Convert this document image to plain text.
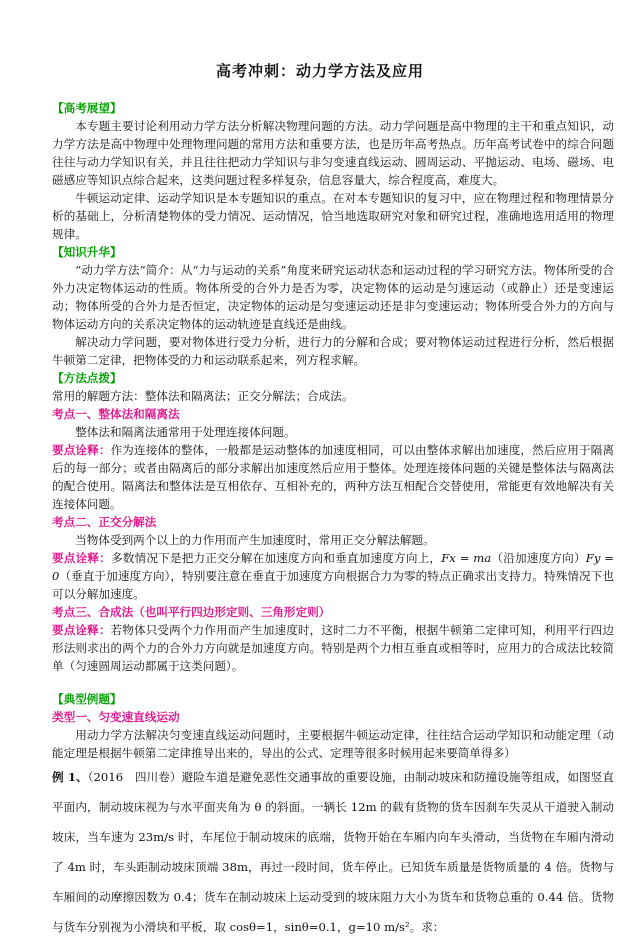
高考冲刺：动力学方法及应用

【高考展望】

本专题主要讨论利用动力学方法分析解决物理问题的方法。动力学问题是高中物理的主干和重点知识，动力学方法是高中物理中处理物理问题的常用方法和重要方法，也是历年高考热点。历年高考试卷中的综合问题往往与动力学知识有关，并且往往把动力学知识与非匀变速直线运动、圆周运动、平抛运动、电场、磁场、电磁感应等知识点综合起来，这类问题过程多样复杂，信息容量大，综合程度高，难度大。

牛顿运动定律、运动学知识是本专题知识的重点。在对本专题知识的复习中，应在物理过程和物理情景分析的基础上，分析清楚物体的受力情况、运动情况，恰当地选取研究对象和研究过程，准确地选用适用的物理规律。

【知识升华】

“动力学方法”简介：从“力与运动的关系”角度来研究运动状态和运动过程的学习研究方法。物体所受的合外力决定物体运动的性质。物体所受的合外力是否为零，决定物体的运动是匀速运动（或静止）还是变速运动；物体所受的合外力是否恒定，决定物体的运动是匀变速运动还是非匀变速运动；物体所受合外力的方向与物体运动方向的关系决定物体的运动轨迹是直线还是曲线。

解决动力学问题，要对物体进行受力分析，进行力的分解和合成；要对物体运动过程进行分析，然后根据牛顿第二定律，把物体受的力和运动联系起来，列方程求解。

【方法点拨】

常用的解题方法：整体法和隔离法；正交分解法；合成法。

考点一、整体法和隔离法

整体法和隔离法通常用于处理连接体问题。

要点诠释：作为连接体的整体，一般都是运动整体的加速度相同，可以由整体求解出加速度，然后应用于隔离后的每一部分；或者由隔离后的部分求解出加速度然后应用于整体。处理连接体问题的关键是整体法与隔离法的配合使用。隔离法和整体法是互相依存、互相补充的，两种方法互相配合交替使用，常能更有效地解决有关连接体问题。

考点二、正交分解法

当物体受到两个以上的力作用而产生加速度时，常用正交分解法解题。

要点诠释：多数情况下是把力正交分解在加速度方向和垂直加速度方向上，Fx = ma（沿加速度方向）Fy = 0（垂直于加速度方向），特别要注意在垂直于加速度方向根据合力为零的特点正确求出支持力。特殊情况下也可以分解加速度。

考点三、合成法（也叫平行四边形定则、三角形定则）

要点诠释：若物体只受两个力作用而产生加速度时，这时二力不平衡，根据牛顿第二定律可知，利用平行四边形法则求出的两个力的合外力方向就是加速度方向。特别是两个力相互垂直或相等时，应用力的合成法比较简单（匀速圆周运动都属于这类问题）。

【典型例题】

类型一、匀变速直线运动

用动力学方法解决匀变速直线运动问题时，主要根据牛顿运动定律，往往结合运动学知识和动能定理（动能定理是根据牛顿第二定律推导出来的，导出的公式、定理等很多时候用起来要简单得多）

例 1、（2016　四川卷）避险车道是避免恶性交通事故的重要设施，由制动坡床和防撞设施等组成，如图竖直平面内，制动坡床视为与水平面夹角为 θ 的斜面。一辆长 12m 的载有货物的货车因刹车失灵从干道驶入制动坡床，当车速为 23m/s 时，车尾位于制动坡床的底端，货物开始在车厢内向车头滑动，当货物在车厢内滑动了 4m 时，车头距制动坡床顶端 38m，再过一段时间，货车停止。已知货车质量是货物质量的 4 倍。货物与车厢间的动摩擦因数为 0.4；货车在制动坡床上运动受到的坡床阻力大小为货车和货物总重的 0.44 倍。货物与货车分别视为小滑块和平板，取 cosθ=1，sinθ=0.1，g=10 m/s²。求：
